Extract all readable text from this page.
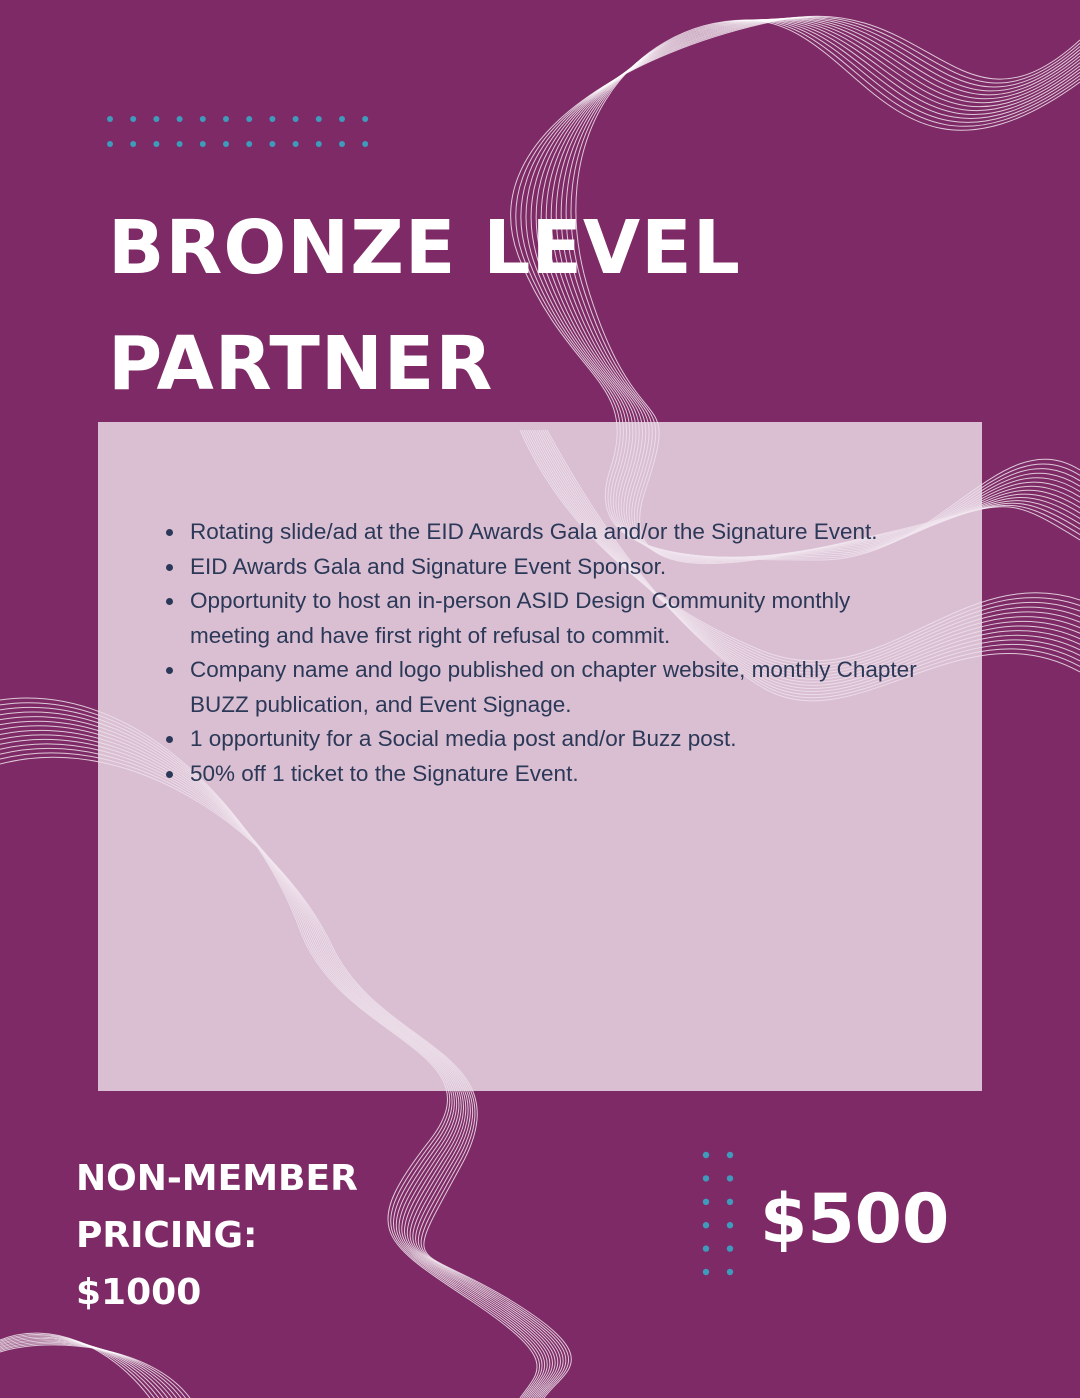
BRONZE LEVEL
PARTNER
Rotating slide/ad at the EID Awards Gala and/or the Signature Event.
EID Awards Gala and Signature Event Sponsor.
Opportunity to host an in-person ASID Design Community monthly meeting and have first right of refusal to commit.
Company name and logo published on chapter website, monthly Chapter BUZZ publication, and Event Signage.
1 opportunity for a Social media post and/or Buzz post.
50% off 1 ticket to the Signature Event.
NON-MEMBER
PRICING:
$1000
$500
